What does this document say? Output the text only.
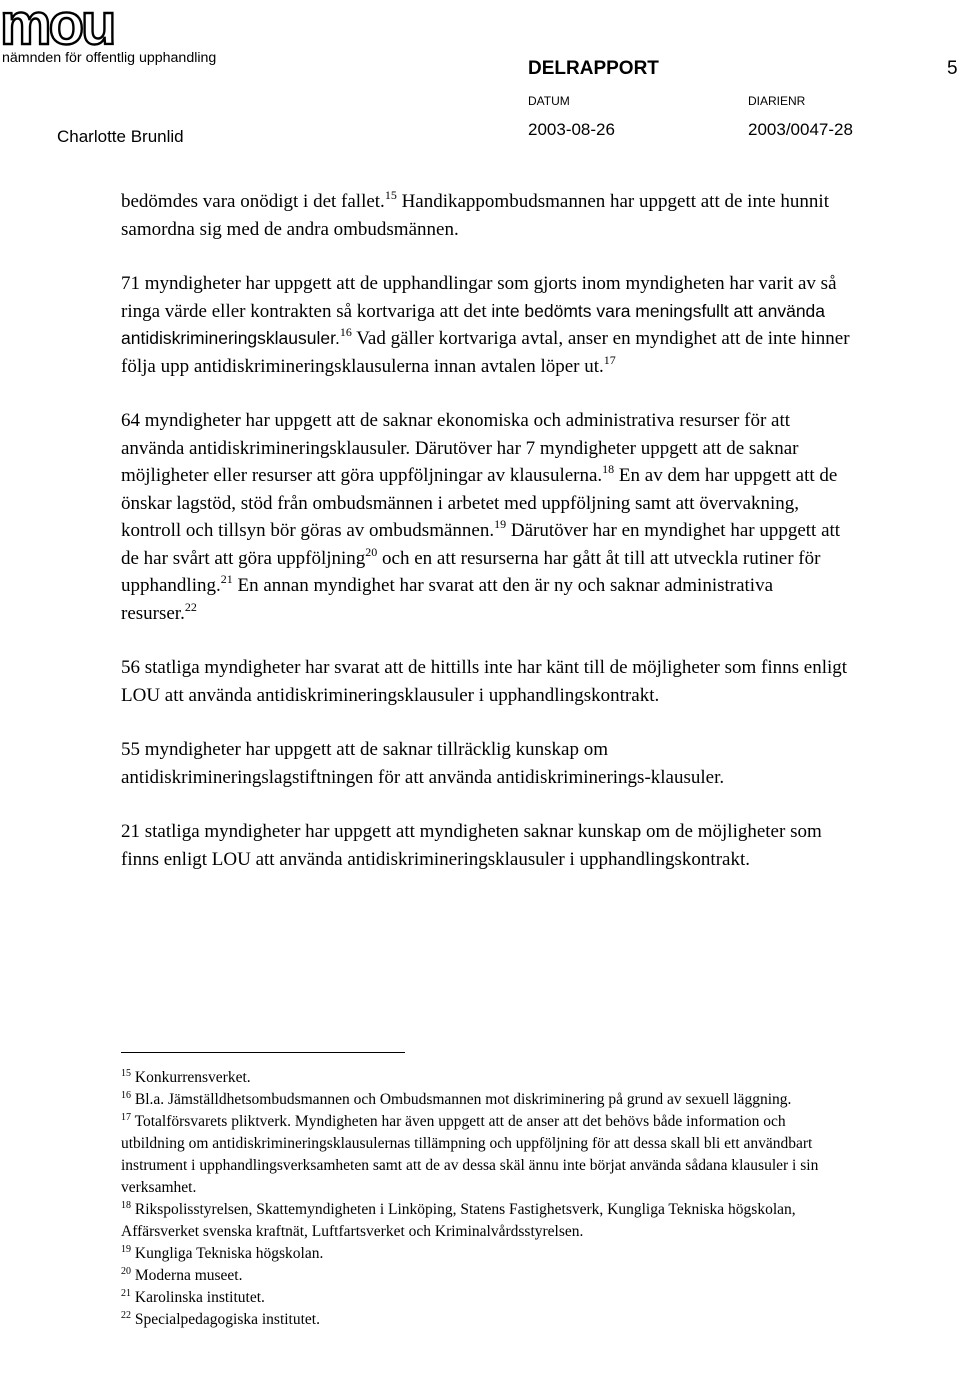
mou
nämnden för offentlig upphandling	DELRAPPORT	5
DATUM	DIARIENR
Charlotte Brunlid	2003-08-26	2003/0047-28

bedömdes vara onödigt i det fallet.$^{15}$ Handikappombudsmannen har uppgett att de inte hunnit samordna sig med de andra ombudsmännen.

71 myndigheter har uppgett att de upphandlingar som gjorts inom myndigheten har varit av så ringa värde eller kontrakten så kortvariga att det inte bedömts vara meningsfullt att använda antidiskrimineringsklausuler.$^{16}$ Vad gäller kortvariga avtal, anser en myndighet att de inte hinner följa upp antidiskrimineringsklausulerna innan avtalen löper ut.$^{17}$

64 myndigheter har uppgett att de saknar ekonomiska och administrativa resurser för att använda antidiskrimineringsklausuler. Därutöver har 7 myndigheter uppgett att de saknar möjligheter eller resurser att göra uppföljningar av klausulerna.$^{18}$ En av dem har uppgett att de önskar lagstöd, stöd från ombudsmännen i arbetet med uppföljning samt att övervakning, kontroll och tillsyn bör göras av ombudsmännen.$^{19}$ Därutöver har en myndighet har uppgett att de har svårt att göra uppföljning$^{20}$ och en att resurserna har gått åt till att utveckla rutiner för upphandling.$^{21}$ En annan myndighet har svarat att den är ny och saknar administrativa resurser.$^{22}$

56 statliga myndigheter har svarat att de hittills inte har känt till de möjligheter som finns enligt LOU att använda antidiskrimineringsklausuler i upphandlingskontrakt.

55 myndigheter har uppgett att de saknar tillräcklig kunskap om antidiskrimineringslagstiftningen för att använda antidiskriminerings-klausuler.

21 statliga myndigheter har uppgett att myndigheten saknar kunskap om de möjligheter som finns enligt LOU att använda antidiskrimineringsklausuler i upphandlingskontrakt.

$^{15}$ Konkurrensverket.
$^{16}$ Bl.a. Jämställdhetsombudsmannen och Ombudsmannen mot diskriminering på grund av sexuell läggning.
$^{17}$ Totalförsvarets pliktverk. Myndigheten har även uppgett att de anser att det behövs både information och utbildning om antidiskrimineringsklausulernas tillämpning och uppföljning för att dessa skall bli ett användbart instrument i upphandlingsverksamheten samt att de av dessa skäl ännu inte börjat använda sådana klausuler i sin verksamhet.
$^{18}$ Rikspolisstyrelsen, Skattemyndigheten i Linköping, Statens Fastighetsverk, Kungliga Tekniska högskolan, Affärsverket svenska kraftnät, Luftfartsverket och Kriminalvårdsstyrelsen.
$^{19}$ Kungliga Tekniska högskolan.
$^{20}$ Moderna museet.
$^{21}$ Karolinska institutet.
$^{22}$ Specialpedagogiska institutet.
